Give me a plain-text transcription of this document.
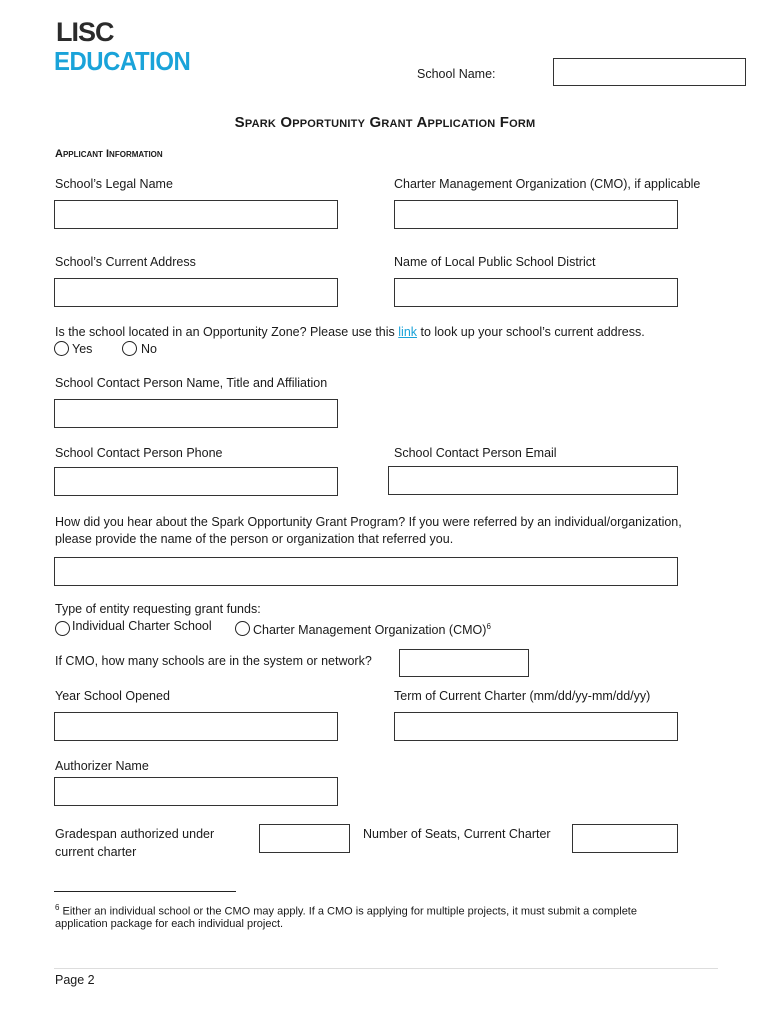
LISC
EDUCATION	School Name:
Spark Opportunity Grant Application Form
Applicant Information
School’s Legal Name	Charter Management Organization (CMO), if applicable
School’s Current Address	Name of Local Public School District
Is the school located in an Opportunity Zone? Please use this link to look up your school’s current address.
Yes	No
School Contact Person Name, Title and Affiliation
School Contact Person Phone	School Contact Person Email
How did you hear about the Spark Opportunity Grant Program? If you were referred by an individual/organization,
please provide the name of the person or organization that referred you.
Type of entity requesting grant funds:
Individual Charter School	Charter Management Organization (CMO)$^6$
If CMO, how many schools are in the system or network?
Year School Opened	Term of Current Charter (mm/dd/yy-mm/dd/yy)
Authorizer Name
Gradespan authorized under
current charter
Number of Seats, Current Charter
$^6$ Either an individual school or the CMO may apply. If a CMO is applying for multiple projects, it must submit a complete
application package for each individual project.
Page 2
